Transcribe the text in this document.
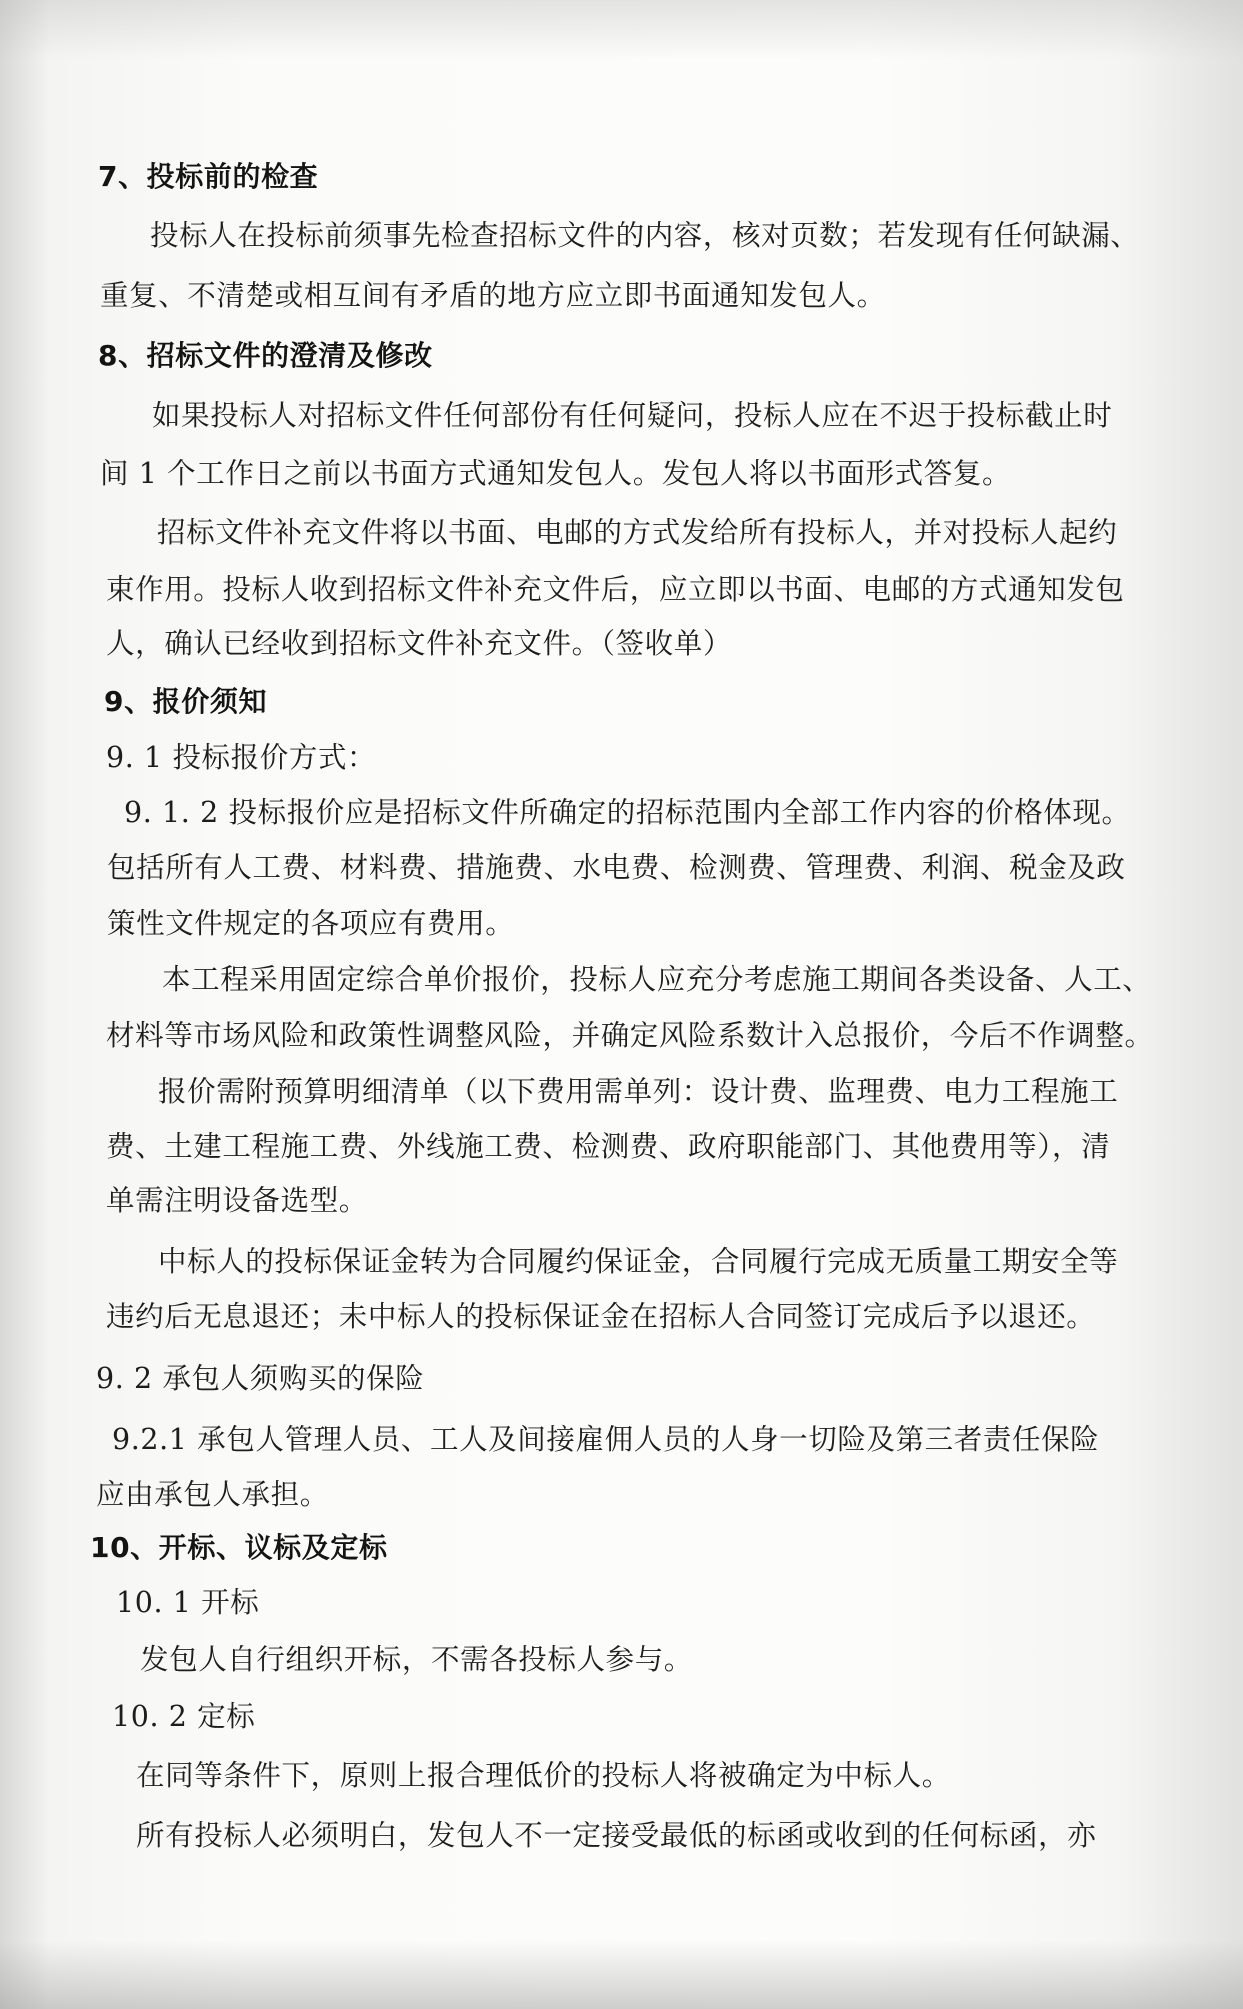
7、投标前的检查
投标人在投标前须事先检查招标文件的内容，核对页数；若发现有任何缺漏、
重复、不清楚或相互间有矛盾的地方应立即书面通知发包人。
8、招标文件的澄清及修改
如果投标人对招标文件任何部份有任何疑问，投标人应在不迟于投标截止时
间 1 个工作日之前以书面方式通知发包人。发包人将以书面形式答复。
招标文件补充文件将以书面、电邮的方式发给所有投标人，并对投标人起约
束作用。投标人收到招标文件补充文件后，应立即以书面、电邮的方式通知发包
人，确认已经收到招标文件补充文件。（签收单）
9、报价须知
9. 1 投标报价方式：
9. 1. 2 投标报价应是招标文件所确定的招标范围内全部工作内容的价格体现。
包括所有人工费、材料费、措施费、水电费、检测费、管理费、利润、税金及政
策性文件规定的各项应有费用。
本工程采用固定综合单价报价，投标人应充分考虑施工期间各类设备、人工、
材料等市场风险和政策性调整风险，并确定风险系数计入总报价，今后不作调整。
报价需附预算明细清单（以下费用需单列：设计费、监理费、电力工程施工
费、土建工程施工费、外线施工费、检测费、政府职能部门、其他费用等），清
单需注明设备选型。
中标人的投标保证金转为合同履约保证金，合同履行完成无质量工期安全等
违约后无息退还；未中标人的投标保证金在招标人合同签订完成后予以退还。
9. 2 承包人须购买的保险
9.2.1 承包人管理人员、工人及间接雇佣人员的人身一切险及第三者责任保险
应由承包人承担。
10、开标、议标及定标
10. 1 开标
发包人自行组织开标，不需各投标人参与。
10. 2 定标
在同等条件下，原则上报合理低价的投标人将被确定为中标人。
所有投标人必须明白，发包人不一定接受最低的标函或收到的任何标函，亦
